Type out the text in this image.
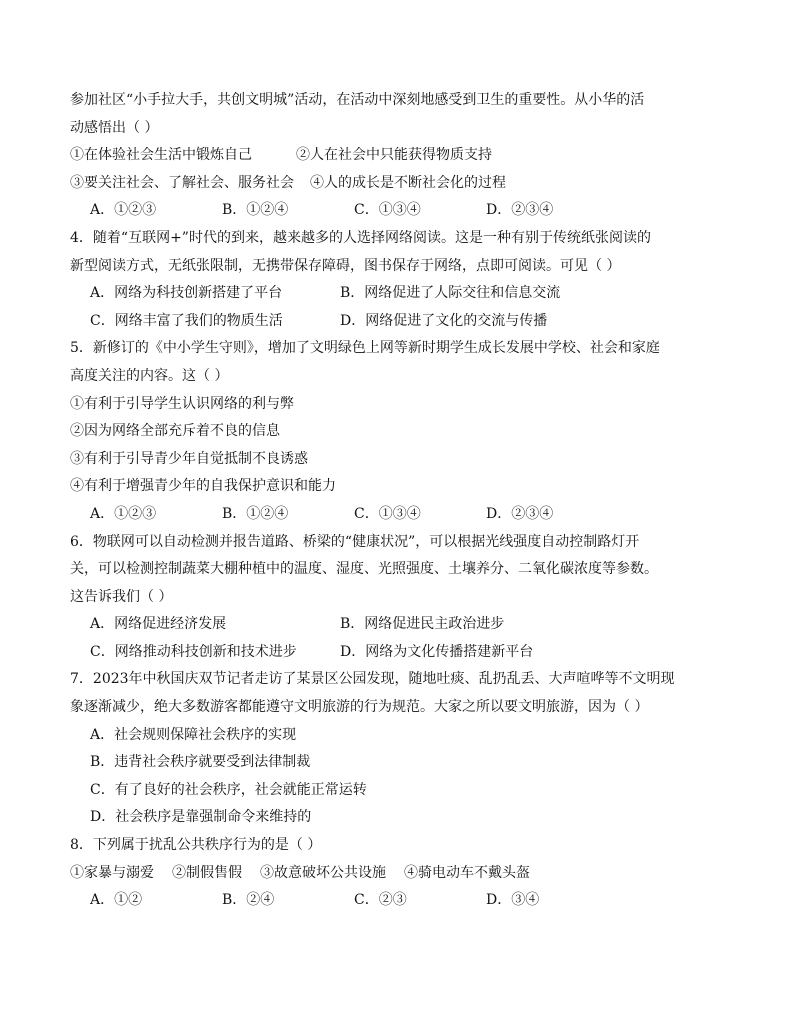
参加社区“小手拉大手，共创文明城”活动，在活动中深刻地感受到卫生的重要性。从小华的活
动感悟出（ ）
①在体验社会生活中锻炼自己	②人在社会中只能获得物质支持
③要关注社会、了解社会、服务社会 ④人的成长是不断社会化的过程
A．①②③	B．①②④	C．①③④	D．②③④
4．随着“互联网+”时代的到来，越来越多的人选择网络阅读。这是一种有别于传统纸张阅读的
新型阅读方式，无纸张限制，无携带保存障碍，图书保存于网络，点即可阅读。可见（ ）
A．网络为科技创新搭建了平台	B．网络促进了人际交往和信息交流
C．网络丰富了我们的物质生活	D．网络促进了文化的交流与传播
5．新修订的《中小学生守则》，增加了文明绿色上网等新时期学生成长发展中学校、社会和家庭
高度关注的内容。这（ ）
①有利于引导学生认识网络的利与弊
②因为网络全部充斥着不良的信息
③有利于引导青少年自觉抵制不良诱惑
④有利于增强青少年的自我保护意识和能力
A．①②③	B．①②④	C．①③④	D．②③④
6．物联网可以自动检测并报告道路、桥梁的“健康状况”，可以根据光线强度自动控制路灯开
关，可以检测控制蔬菜大棚种植中的温度、湿度、光照强度、土壤养分、二氧化碳浓度等参数。
这告诉我们（ ）
A．网络促进经济发展	B．网络促进民主政治进步
C．网络推动科技创新和技术进步	D．网络为文化传播搭建新平台
7．2023年中秋国庆双节记者走访了某景区公园发现，随地吐痰、乱扔乱丢、大声喧哗等不文明现
象逐渐减少，绝大多数游客都能遵守文明旅游的行为规范。大家之所以要文明旅游，因为（ ）
A．社会规则保障社会秩序的实现
B．违背社会秩序就要受到法律制裁
C．有了良好的社会秩序，社会就能正常运转
D．社会秩序是靠强制命令来维持的
8．下列属于扰乱公共秩序行为的是（ ）
①家暴与溺爱 ②制假售假 ③故意破坏公共设施 ④骑电动车不戴头盔
A．①②	B．②④	C．②③	D．③④
